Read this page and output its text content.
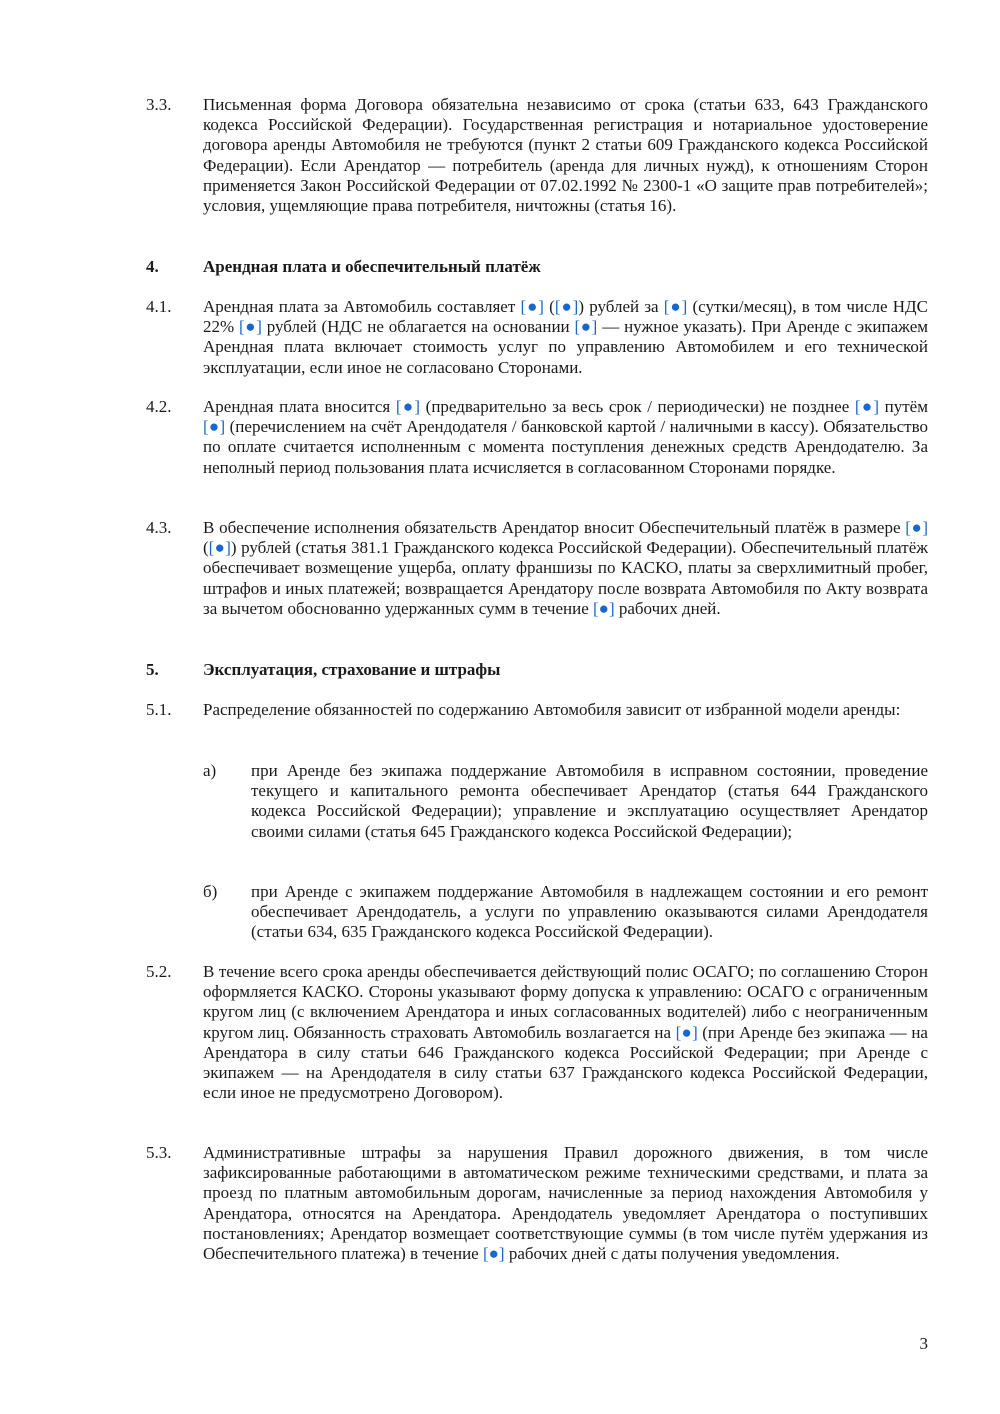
3.3. Письменная форма Договора обязательна независимо от срока (статьи 633, 643 Гражданского кодекса Российской Федерации). Государственная регистрация и нотариальное удостоверение договора аренды Автомобиля не требуются (пункт 2 статьи 609 Гражданского кодекса Российской Федерации). Если Арендатор — потребитель (аренда для личных нужд), к отношениям Сторон применяется Закон Российской Федерации от 07.02.1992 № 2300-1 «О защите прав потребителей»; условия, ущемляющие права потребителя, ничтожны (статья 16).
4.	Арендная плата и обеспечительный платёж
4.1. Арендная плата за Автомобиль составляет [●] ([●]) рублей за [●] (сутки/месяц), в том числе НДС 22% [●] рублей (НДС не облагается на основании [●] — нужное указать). При Аренде с экипажем Арендная плата включает стоимость услуг по управлению Автомобилем и его технической эксплуатации, если иное не согласовано Сторонами.
4.2. Арендная плата вносится [●] (предварительно за весь срок / периодически) не позднее [●] путём [●] (перечислением на счёт Арендодателя / банковской картой / наличными в кассу). Обязательство по оплате считается исполненным с момента поступления денежных средств Арендодателю. За неполный период пользования плата исчисляется в согласованном Сторонами порядке.
4.3. В обеспечение исполнения обязательств Арендатор вносит Обеспечительный платёж в размере [●] ([●]) рублей (статья 381.1 Гражданского кодекса Российской Федерации). Обеспечительный платёж обеспечивает возмещение ущерба, оплату франшизы по КАСКО, платы за сверхлимитный пробег, штрафов и иных платежей; возвращается Арендатору после возврата Автомобиля по Акту возврата за вычетом обоснованно удержанных сумм в течение [●] рабочих дней.
5.	Эксплуатация, страхование и штрафы
5.1. Распределение обязанностей по содержанию Автомобиля зависит от избранной модели аренды:
а) при Аренде без экипажа поддержание Автомобиля в исправном состоянии, проведение текущего и капитального ремонта обеспечивает Арендатор (статья 644 Гражданского кодекса Российской Федерации); управление и эксплуатацию осуществляет Арендатор своими силами (статья 645 Гражданского кодекса Российской Федерации);
б) при Аренде с экипажем поддержание Автомобиля в надлежащем состоянии и его ремонт обеспечивает Арендодатель, а услуги по управлению оказываются силами Арендодателя (статьи 634, 635 Гражданского кодекса Российской Федерации).
5.2. В течение всего срока аренды обеспечивается действующий полис ОСАГО; по соглашению Сторон оформляется КАСКО. Стороны указывают форму допуска к управлению: ОСАГО с ограниченным кругом лиц (с включением Арендатора и иных согласованных водителей) либо с неограниченным кругом лиц. Обязанность страховать Автомобиль возлагается на [●] (при Аренде без экипажа — на Арендатора в силу статьи 646 Гражданского кодекса Российской Федерации; при Аренде с экипажем — на Арендодателя в силу статьи 637 Гражданского кодекса Российской Федерации, если иное не предусмотрено Договором).
5.3. Административные штрафы за нарушения Правил дорожного движения, в том числе зафиксированные работающими в автоматическом режиме техническими средствами, и плата за проезд по платным автомобильным дорогам, начисленные за период нахождения Автомобиля у Арендатора, относятся на Арендатора. Арендодатель уведомляет Арендатора о поступивших постановлениях; Арендатор возмещает соответствующие суммы (в том числе путём удержания из Обеспечительного платежа) в течение [●] рабочих дней с даты получения уведомления.
3
